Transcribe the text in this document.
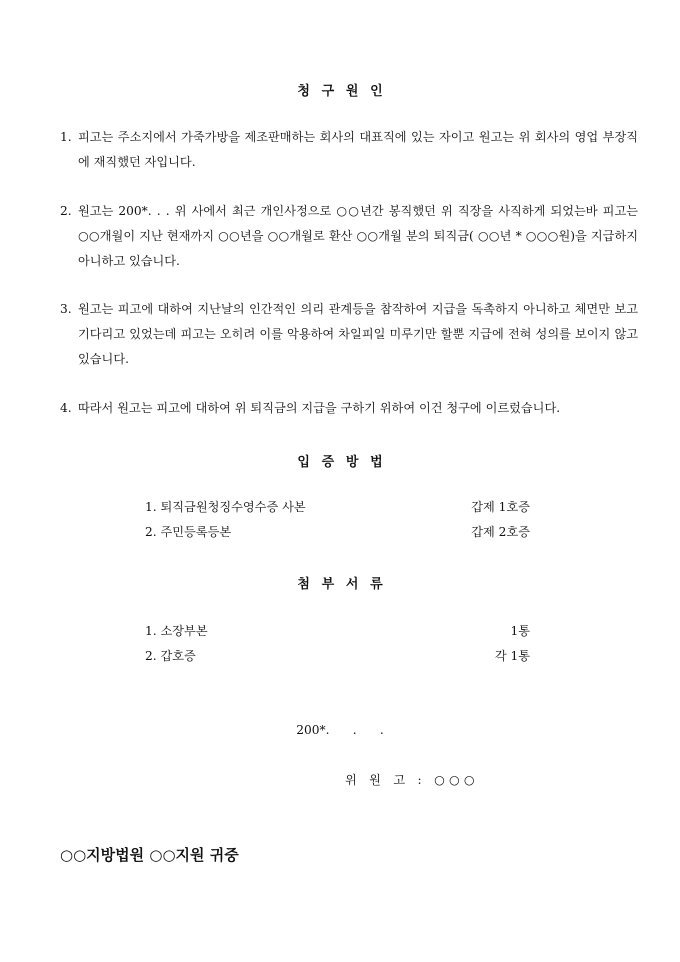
청구원인
1. 피고는 주소지에서 가죽가방을 제조판매하는 회사의 대표직에 있는 자이고 원고는 위 회사의 영업 부장직에 재직했던 자입니다.
2. 원고는 200*. . . 위 사에서 최근 개인사정으로 ○○년간 봉직했던 위 직장을 사직하게 되었는바 피고는 ○○개월이 지난 현재까지 ○○년을 ○○개월로 환산 ○○개월 분의 퇴직금( ○○년 * ○○○원)을 지급하지 아니하고 있습니다.
3. 원고는 피고에 대하여 지난날의 인간적인 의리 관계등을 참작하여 지급을 독촉하지 아니하고 체면만 보고 기다리고 있었는데 피고는 오히려 이를 악용하여 차일피일 미루기만 할뿐 지급에 전혀 성의를 보이지 않고 있습니다.
4. 따라서 원고는 피고에 대하여 위 퇴직금의 지급을 구하기 위하여 이건 청구에 이르렀습니다.
입증방법
1. 퇴직금원청징수영수증 사본	갑제 1호증
2. 주민등록등본	갑제 2호증
첨부서류
1. 소장부본	1통
2. 갑호증	각 1통
200*.      .      .
위 원 고 : ○○○
○○지방법원 ○○지원 귀중
